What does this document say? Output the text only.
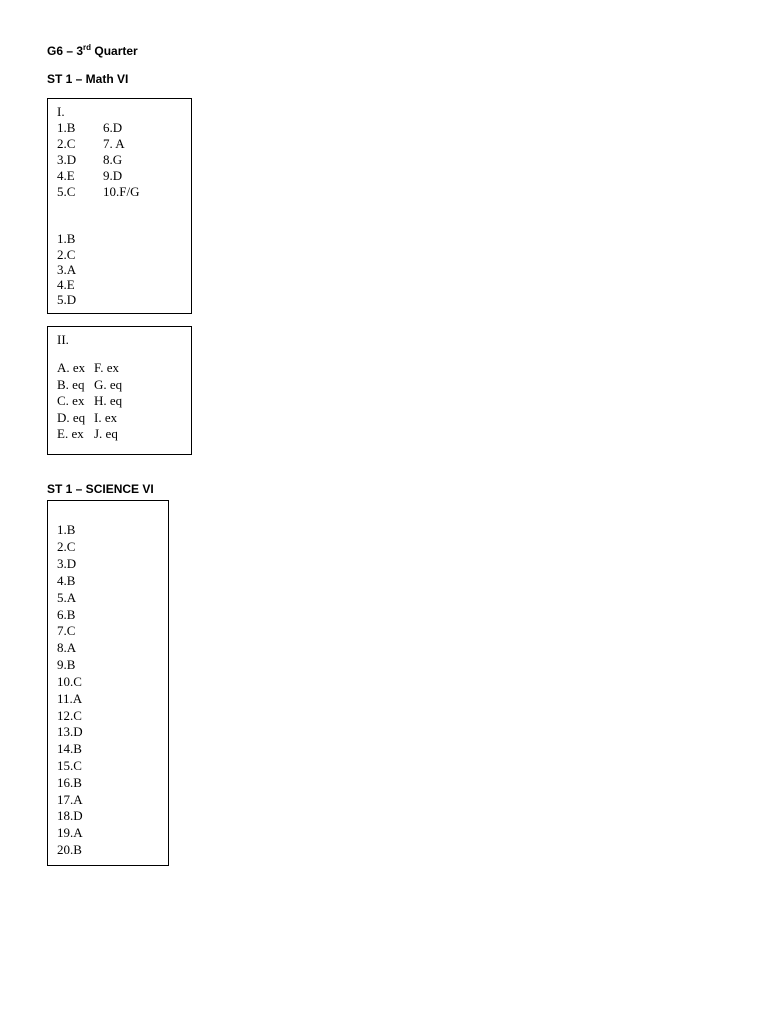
G6 – 3rd Quarter
ST 1 – Math VI
I.
1.B
2.C
3.D
4.E
5.C
6.D
7. A
8.G
9.D
10.F/G
1.B
2.C
3.A
4.E
5.D
II.
A. ex
B. eq
C. ex
D. eq
E. ex
F. ex
G. eq
H. eq
I. ex
J. eq
ST 1 – SCIENCE VI
1.B
2.C
3.D
4.B
5.A
6.B
7.C
8.A
9.B
10.C
11.A
12.C
13.D
14.B
15.C
16.B
17.A
18.D
19.A
20.B
